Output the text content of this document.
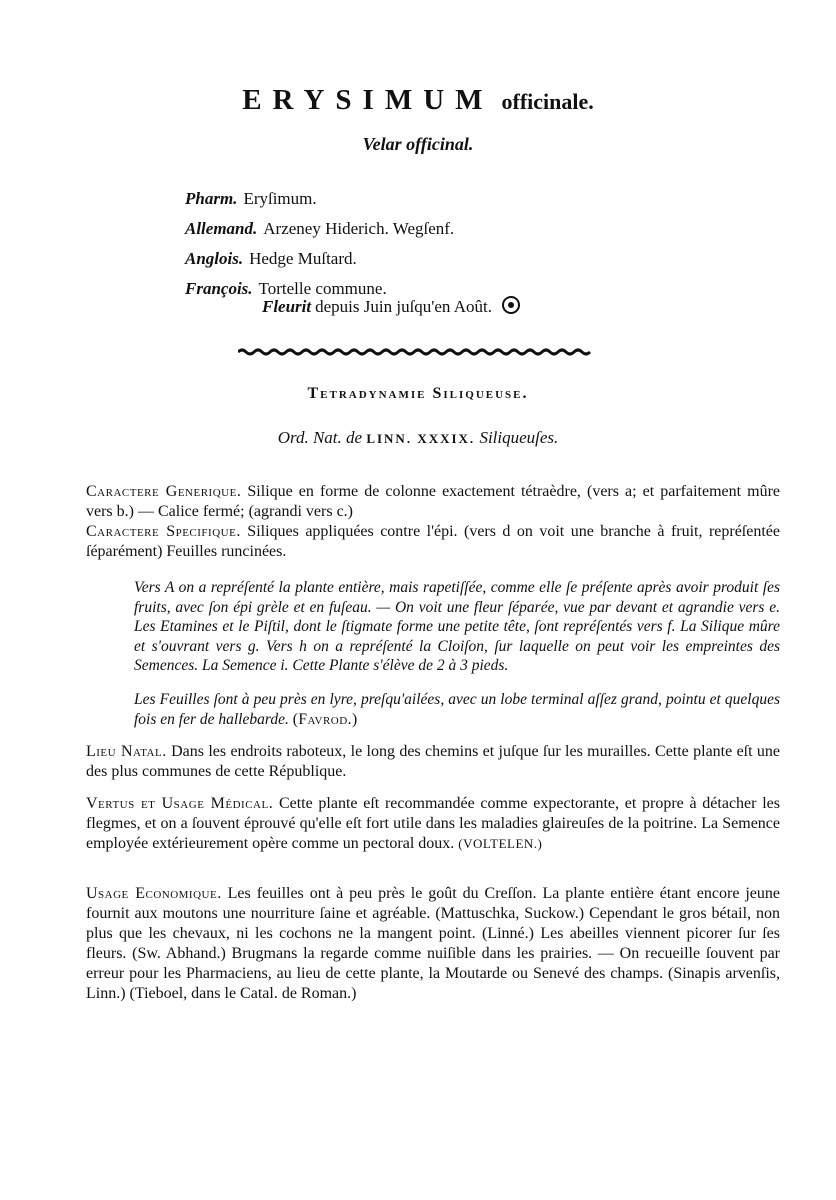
ERYSIMUM officinale.
Velar officinal.
Pharm. Eryſimum.
Allemand. Arzeney Hiderich. Wegſenf.
Anglois. Hedge Muſtard.
François. Tortelle commune.
Fleurit depuis Juin juſqu'en Août.
Tetradynamie Siliqueuse.
Ord. Nat. de LINN. XXXIX. Siliqueuſes.
Caractere Generique. Silique en forme de colonne exactement tétraèdre, (vers a; et parfaitement mûre vers b.) — Calice fermé; (agrandi vers c.)
Caractere Specifique. Siliques appliquées contre l'épi. (vers d on voit une branche à fruit, repréſentée ſéparément) Feuilles runcinées.
Vers A on a repréſenté la plante entière, mais rapetiſſée, comme elle ſe préſente après avoir produit ſes fruits, avec ſon épi grèle et en fuſeau. — On voit une fleur ſéparée, vue par devant et agrandie vers e. Les Etamines et le Piſtil, dont le ſtigmate forme une petite tête, ſont repréſentés vers f. La Silique mûre et s'ouvrant vers g. Vers h on a repréſenté la Cloiſon, ſur laquelle on peut voir les empreintes des Semences. La Semence i. Cette Plante s'élève de 2 à 3 pieds.
Les Feuilles ſont à peu près en lyre, preſqu'ailées, avec un lobe terminal aſſez grand, pointu et quelques fois en fer de hallebarde. (Favrod.)
Lieu Natal. Dans les endroits raboteux, le long des chemins et juſque ſur les murailles. Cette plante eſt une des plus communes de cette République.
Vertus et Usage Médical. Cette plante eſt recommandée comme expectorante, et propre à détacher les flegmes, et on a ſouvent éprouvé qu'elle eſt fort utile dans les maladies glaireuſes de la poitrine. La Semence employée extérieurement opère comme un pectoral doux. (VOLTELEN.)
Usage Economique. Les feuilles ont à peu près le goût du Creſſon. La plante entière étant encore jeune fournit aux moutons une nourriture ſaine et agréable. (Mattuschka, Suckow.) Cependant le gros bétail, non plus que les chevaux, ni les cochons ne la mangent point. (Linné.) Les abeilles viennent picorer ſur ſes fleurs. (Sw. Abhand.) Brugmans la regarde comme nuiſible dans les prairies. — On recueille ſouvent par erreur pour les Pharmaciens, au lieu de cette plante, la Moutarde ou Senevé des champs. (Sinapis arvenſis, Linn.) (Tieboel, dans le Catal. de Roman.)
